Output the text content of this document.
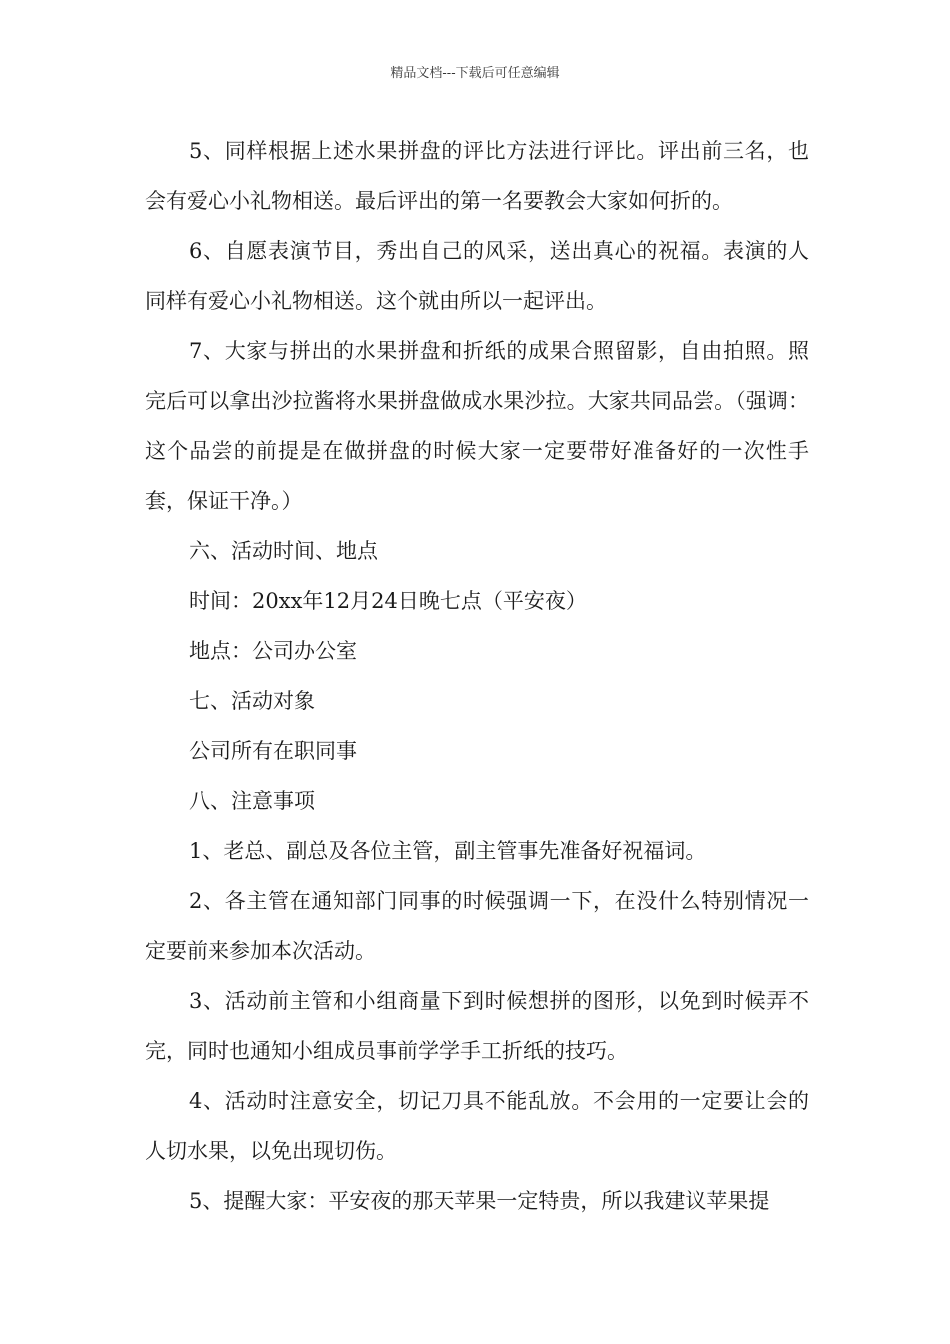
精品文档---下载后可任意编辑

5、同样根据上述水果拼盘的评比方法进行评比。评出前三名，也会有爱心小礼物相送。最后评出的第一名要教会大家如何折的。

6、自愿表演节目，秀出自己的风采，送出真心的祝福。表演的人同样有爱心小礼物相送。这个就由所以一起评出。

7、大家与拼出的水果拼盘和折纸的成果合照留影，自由拍照。照完后可以拿出沙拉酱将水果拼盘做成水果沙拉。大家共同品尝。（强调：这个品尝的前提是在做拼盘的时候大家一定要带好准备好的一次性手套，保证干净。）

六、活动时间、地点

时间：20xx年12月24日晚七点（平安夜）

地点：公司办公室

七、活动对象

公司所有在职同事

八、注意事项

1、老总、副总及各位主管，副主管事先准备好祝福词。

2、各主管在通知部门同事的时候强调一下，在没什么特别情况一定要前来参加本次活动。

3、活动前主管和小组商量下到时候想拼的图形，以免到时候弄不完，同时也通知小组成员事前学学手工折纸的技巧。

4、活动时注意安全，切记刀具不能乱放。不会用的一定要让会的人切水果，以免出现切伤。

5、提醒大家：平安夜的那天苹果一定特贵，所以我建议苹果提
